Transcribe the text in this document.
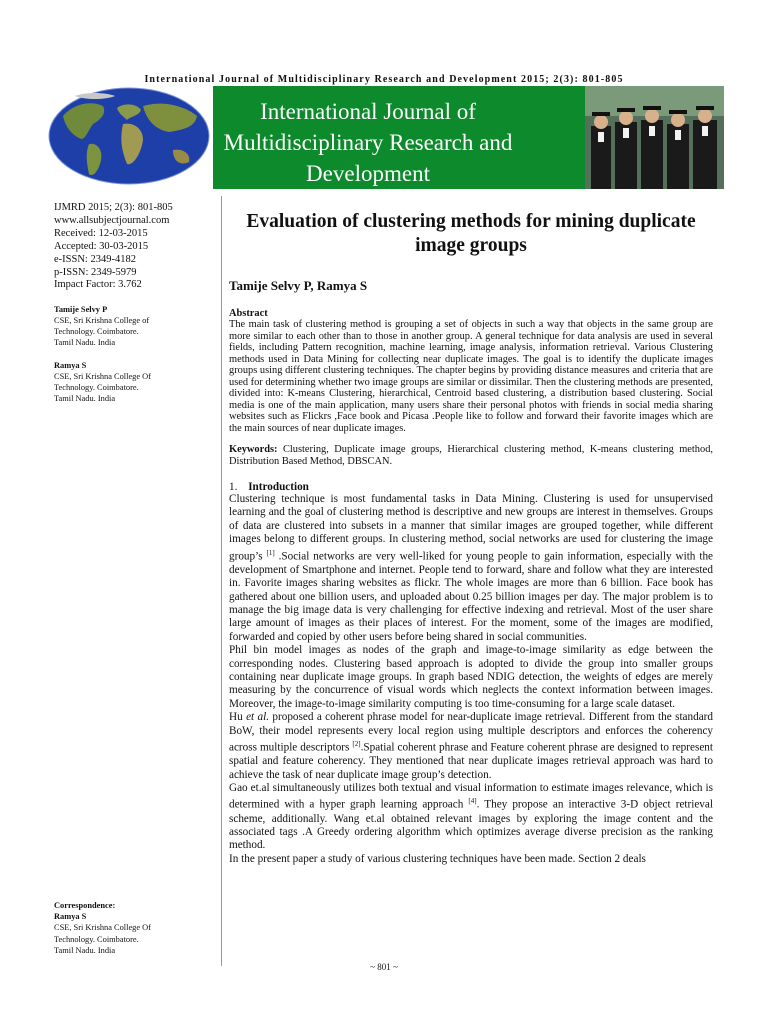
International Journal of Multidisciplinary Research and Development 2015; 2(3): 801-805
International Journal of Multidisciplinary Research and Development
IJMRD 2015; 2(3): 801-805
www.allsubjectjournal.com
Received: 12-03-2015
Accepted: 30-03-2015
e-ISSN: 2349-4182
p-ISSN: 2349-5979
Impact Factor: 3.762
Tamije Selvy P
CSE, Sri Krishna College of
Technology. Coimbatore.
Tamil Nadu. India
Ramya S
CSE, Sri Krishna College Of
Technology. Coimbatore.
Tamil Nadu. India
Correspondence:
Ramya S
CSE, Sri Krishna College Of
Technology. Coimbatore.
Tamil Nadu. India
Evaluation of clustering methods for mining duplicate image groups
Tamije Selvy P, Ramya S
Abstract
The main task of clustering method is grouping a set of objects in such a way that objects in the same group are more similar to each other than to those in another group. A general technique for data analysis are used in several fields, including Pattern recognition, machine learning, image analysis, information retrieval. Various Clustering methods used in Data Mining for collecting near duplicate images. The goal is to identify the duplicate images groups using different clustering techniques. The chapter begins by providing distance measures and criteria that are used for determining whether two image groups are similar or dissimilar. Then the clustering methods are presented, divided into: K-means Clustering, hierarchical, Centroid based clustering, a distribution based clustering. Social media is one of the main application, many users share their personal photos with friends in social media sharing websites such as Flickrs ,Face book and Picasa .People like to follow and forward their favorite images which are the main sources of near duplicate images.
Keywords: Clustering, Duplicate image groups, Hierarchical clustering method, K-means clustering method, Distribution Based Method, DBSCAN.
1. Introduction

Clustering technique is most fundamental tasks in Data Mining. Clustering is used for unsupervised learning and the goal of clustering method is descriptive and new groups are interest in themselves. Groups of data are clustered into subsets in a manner that similar images are grouped together, while different images belong to different groups. In clustering method, social networks are used for clustering the image group’s [1] .Social networks are very well-liked for young people to gain information, especially with the development of Smartphone and internet. People tend to forward, share and follow what they are interested in. Favorite images sharing websites as flickr. The whole images are more than 6 billion. Face book has gathered about one billion users, and uploaded about 0.25 billion images per day. The major problem is to manage the big image data is very challenging for effective indexing and retrieval. Most of the user share large amount of images as their places of interest. For the moment, some of the images are modified, forwarded and copied by other users before being shared in social communities.

Phil bin model images as nodes of the graph and image-to-image similarity as edge between the corresponding nodes. Clustering based approach is adopted to divide the group into smaller groups containing near duplicate image groups. In graph based NDIG detection, the weights of edges are merely measuring by the concurrence of visual words which neglects the context information between images. Moreover, the image-to-image similarity computing is too time-consuming for a large scale dataset.

Hu et al. proposed a coherent phrase model for near-duplicate image retrieval. Different from the standard BoW, their model represents every local region using multiple descriptors and enforces the coherency across multiple descriptors [2].Spatial coherent phrase and Feature coherent phrase are designed to represent spatial and feature coherency. They mentioned that near duplicate images retrieval approach was hard to achieve the task of near duplicate image group’s detection.

Gao et.al simultaneously utilizes both textual and visual information to estimate images relevance, which is determined with a hyper graph learning approach [4]. They propose an interactive 3-D object retrieval scheme, additionally. Wang et.al obtained relevant images by exploring the image content and the associated tags .A Greedy ordering algorithm which optimizes average diverse precision as the ranking method.

In the present paper a study of various clustering techniques have been made. Section 2 deals

~ 801 ~
